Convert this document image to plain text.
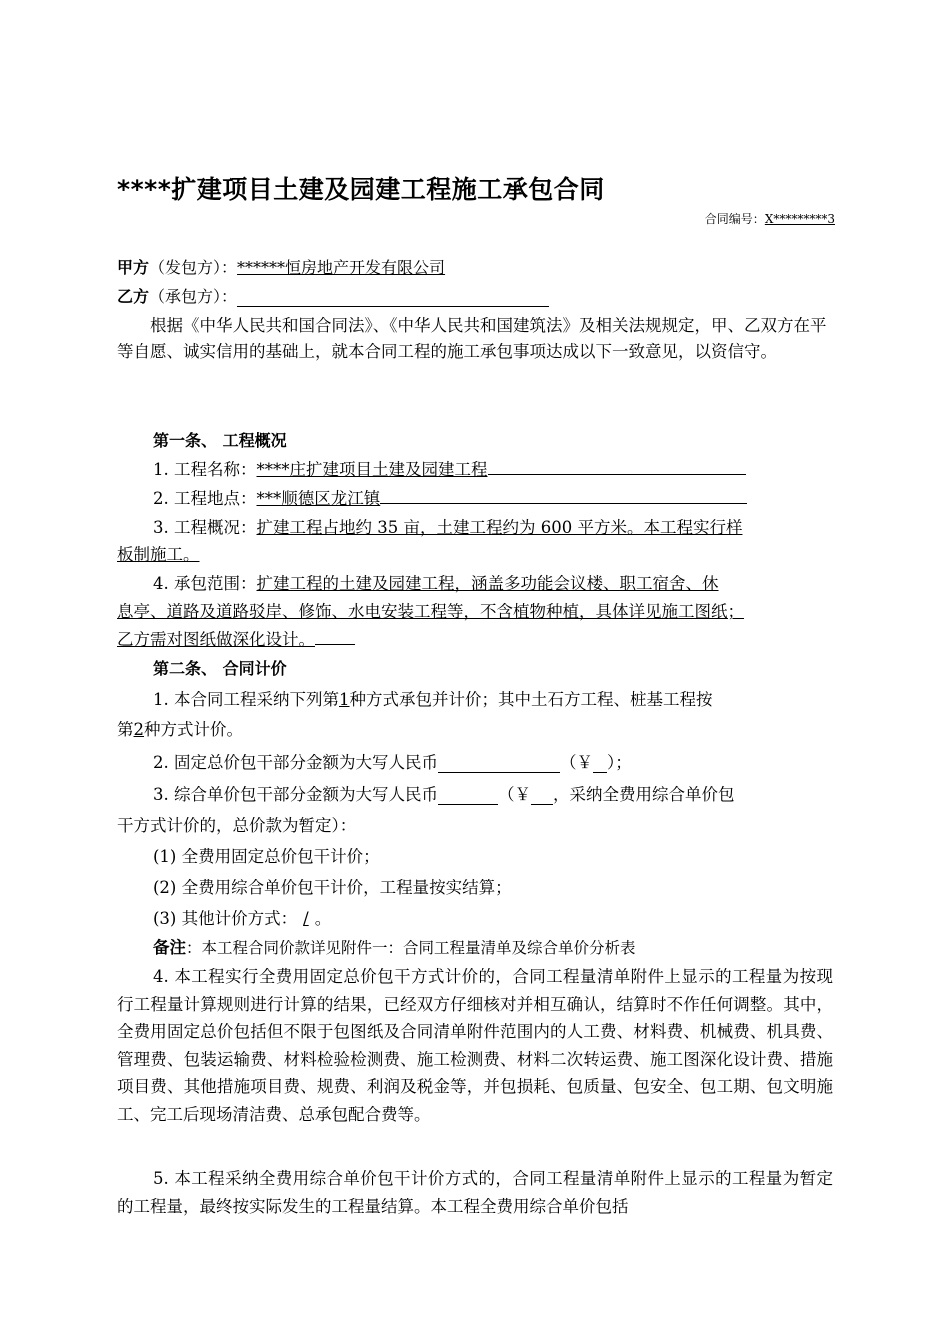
****扩建项目土建及园建工程施工承包合同
合同编号：X*********3
甲方（发包方）：******恒房地产开发有限公司
乙方（承包方）：
根据《中华人民共和国合同法》、《中华人民共和国建筑法》及相关法规规定，甲、乙双方在平等自愿、诚实信用的基础上，就本合同工程的施工承包事项达成以下一致意见，以资信守。
第一条、 工程概况
1. 工程名称：****庄扩建项目土建及园建工程
2. 工程地点：***顺德区龙江镇
3. 工程概况：扩建工程占地约 35 亩，土建工程约为 600 平方米。本工程实行样
板制施工。
4. 承包范围：扩建工程的土建及园建工程，涵盖多功能会议楼、职工宿舍、休
息亭、道路及道路驳岸、修饰、水电安装工程等，不含植物种植，具体详见施工图纸；
乙方需对图纸做深化设计。
第二条、 合同计价
1. 本合同工程采纳下列第1种方式承包并计价；其中土石方工程、桩基工程按
第2种方式计价。
2. 固定总价包干部分金额为大写人民币	（￥ ）；
3. 综合单价包干部分金额为大写人民币	（￥ ，采纳全费用综合单价包
干方式计价的，总价款为暂定）：
(1) 全费用固定总价包干计价；
(2) 全费用综合单价包干计价，工程量按实结算；
(3) 其他计价方式： / 。
备注：本工程合同价款详见附件一：合同工程量清单及综合单价分析表
4. 本工程实行全费用固定总价包干方式计价的，合同工程量清单附件上显示的工程量为按现行工程量计算规则进行计算的结果，已经双方仔细核对并相互确认，结算时不作任何调整。其中，全费用固定总价包括但不限于包图纸及合同清单附件范围内的人工费、材料费、机械费、机具费、管理费、包装运输费、材料检验检测费、施工检测费、材料二次转运费、施工图深化设计费、措施项目费、其他措施项目费、规费、利润及税金等，并包损耗、包质量、包安全、包工期、包文明施工、完工后现场清洁费、总承包配合费等。
5. 本工程采纳全费用综合单价包干计价方式的，合同工程量清单附件上显示的工程量为暂定的工程量，最终按实际发生的工程量结算。本工程全费用综合单价包括
